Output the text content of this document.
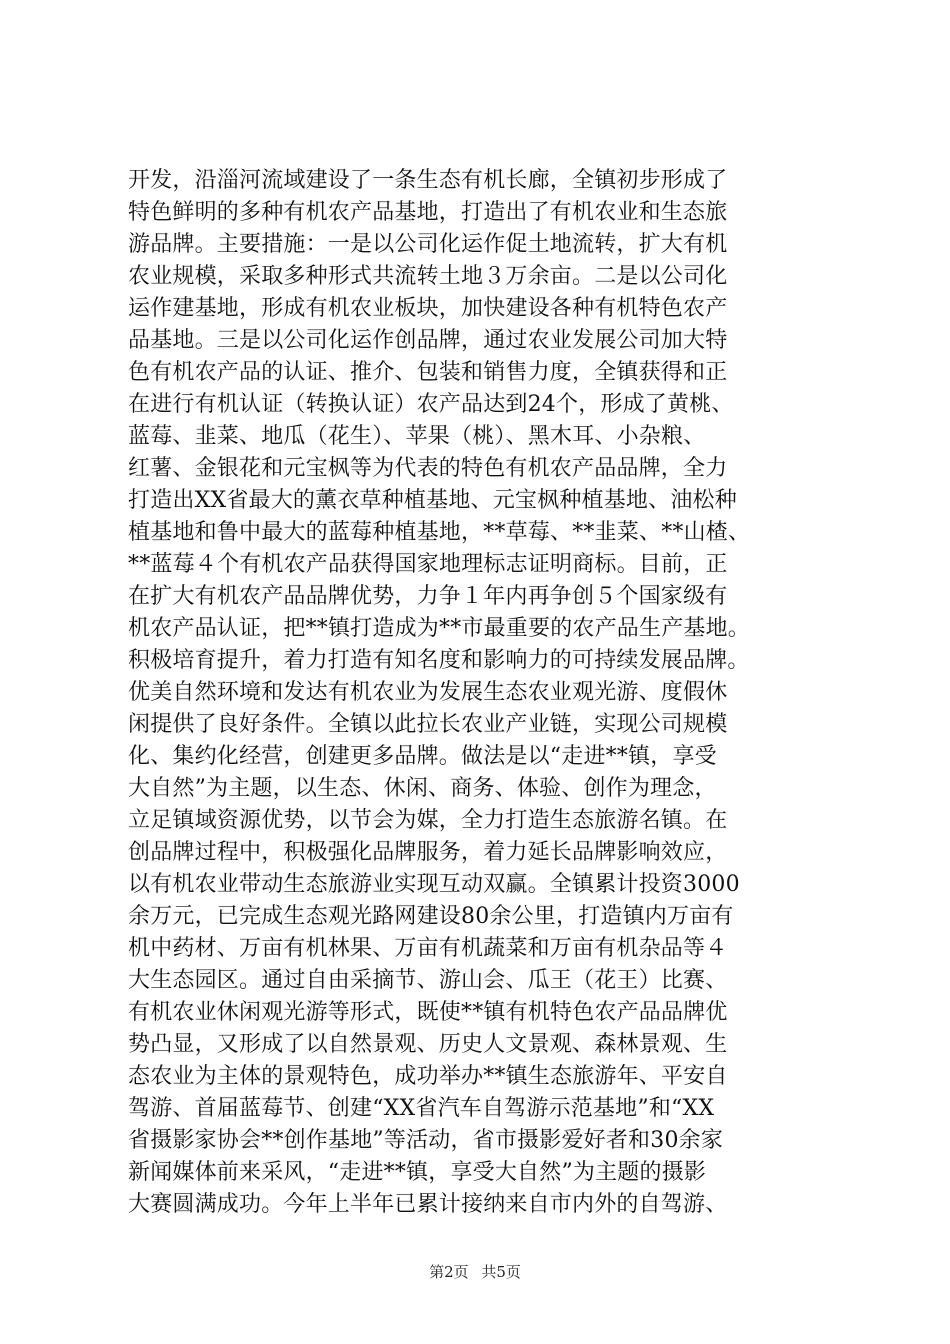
开发，沿淄河流域建设了一条生态有机长廊，全镇初步形成了
特色鲜明的多种有机农产品基地，打造出了有机农业和生态旅
游品牌。主要措施：一是以公司化运作促土地流转，扩大有机
农业规模，采取多种形式共流转土地３万余亩。二是以公司化
运作建基地，形成有机农业板块，加快建设各种有机特色农产
品基地。三是以公司化运作创品牌，通过农业发展公司加大特
色有机农产品的认证、推介、包装和销售力度，全镇获得和正
在进行有机认证（转换认证）农产品达到24个，形成了黄桃、
蓝莓、韭菜、地瓜（花生）、苹果（桃）、黑木耳、小杂粮、
红薯、金银花和元宝枫等为代表的特色有机农产品品牌，全力
打造出XX省最大的薰衣草种植基地、元宝枫种植基地、油松种
植基地和鲁中最大的蓝莓种植基地，**草莓、**韭菜、**山楂、
**蓝莓４个有机农产品获得国家地理标志证明商标。目前，正
在扩大有机农产品品牌优势，力争１年内再争创５个国家级有
机农产品认证，把**镇打造成为**市最重要的农产品生产基地。
积极培育提升，着力打造有知名度和影响力的可持续发展品牌。
优美自然环境和发达有机农业为发展生态农业观光游、度假休
闲提供了良好条件。全镇以此拉长农业产业链，实现公司规模
化、集约化经营，创建更多品牌。做法是以“走进**镇，享受
大自然”为主题，以生态、休闲、商务、体验、创作为理念，
立足镇域资源优势，以节会为媒，全力打造生态旅游名镇。在
创品牌过程中，积极强化品牌服务，着力延长品牌影响效应，
以有机农业带动生态旅游业实现互动双赢。全镇累计投资3000
余万元，已完成生态观光路网建设80余公里，打造镇内万亩有
机中药材、万亩有机林果、万亩有机蔬菜和万亩有机杂品等４
大生态园区。通过自由采摘节、游山会、瓜王（花王）比赛、
有机农业休闲观光游等形式，既使**镇有机特色农产品品牌优
势凸显，又形成了以自然景观、历史人文景观、森林景观、生
态农业为主体的景观特色，成功举办**镇生态旅游年、平安自
驾游、首届蓝莓节、创建“XX省汽车自驾游示范基地”和“XX
省摄影家协会**创作基地”等活动，省市摄影爱好者和30余家
新闻媒体前来采风，“走进**镇，享受大自然”为主题的摄影
大赛圆满成功。今年上半年已累计接纳来自市内外的自驾游、
第2页 共5页
